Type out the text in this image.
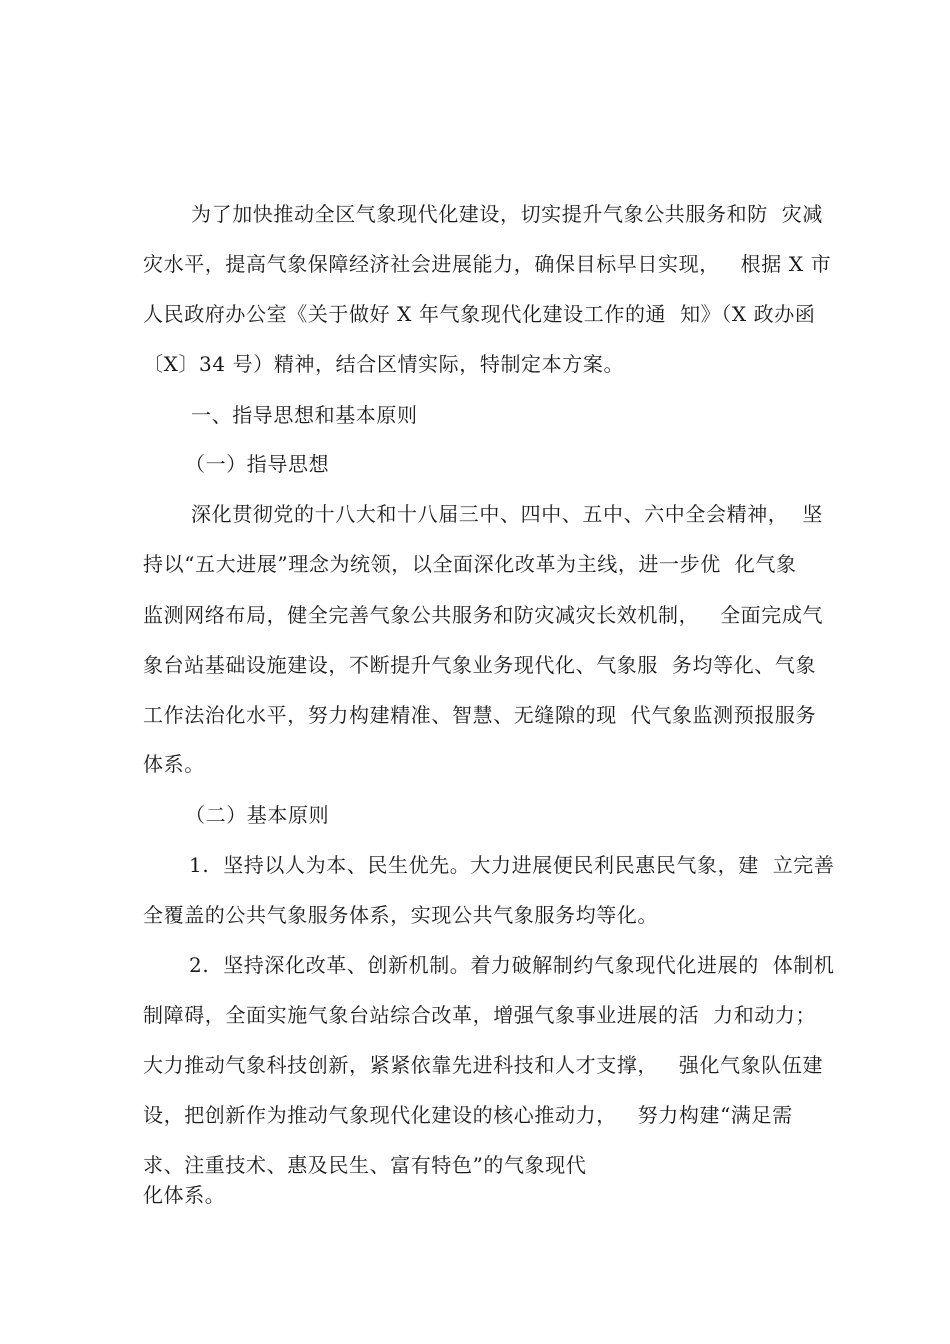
为了加快推动全区气象现代化建设，切实提升气象公共服务和防  灾减
灾水平，提高气象保障经济社会进展能力，确保目标早日实现，   根据 X 市
人民政府办公室《关于做好 X 年气象现代化建设工作的通  知》（X 政办函
〔X〕34 号）精神，结合区情实际，特制定本方案。
一、指导思想和基本原则
（一）指导思想
深化贯彻党的十八大和十八届三中、四中、五中、六中全会精神，  坚
持以“五大进展”理念为统领，以全面深化改革为主线，进一步优  化气象
监测网络布局，健全完善气象公共服务和防灾减灾长效机制，   全面完成气
象台站基础设施建设，不断提升气象业务现代化、气象服  务均等化、气象
工作法治化水平，努力构建精准、智慧、无缝隙的现  代气象监测预报服务
体系。
（二）基本原则
1.  坚持以人为本、民生优先。大力进展便民利民惠民气象，建  立完善
全覆盖的公共气象服务体系，实现公共气象服务均等化。
2.  坚持深化改革、创新机制。着力破解制约气象现代化进展的  体制机
制障碍，全面实施气象台站综合改革，增强气象事业进展的活  力和动力；
大力推动气象科技创新，紧紧依靠先进科技和人才支撑，   强化气象队伍建
设，把创新作为推动气象现代化建设的核心推动力，   努力构建“满足需
求、注重技术、惠及民生、富有特色”的气象现代
化体系。
